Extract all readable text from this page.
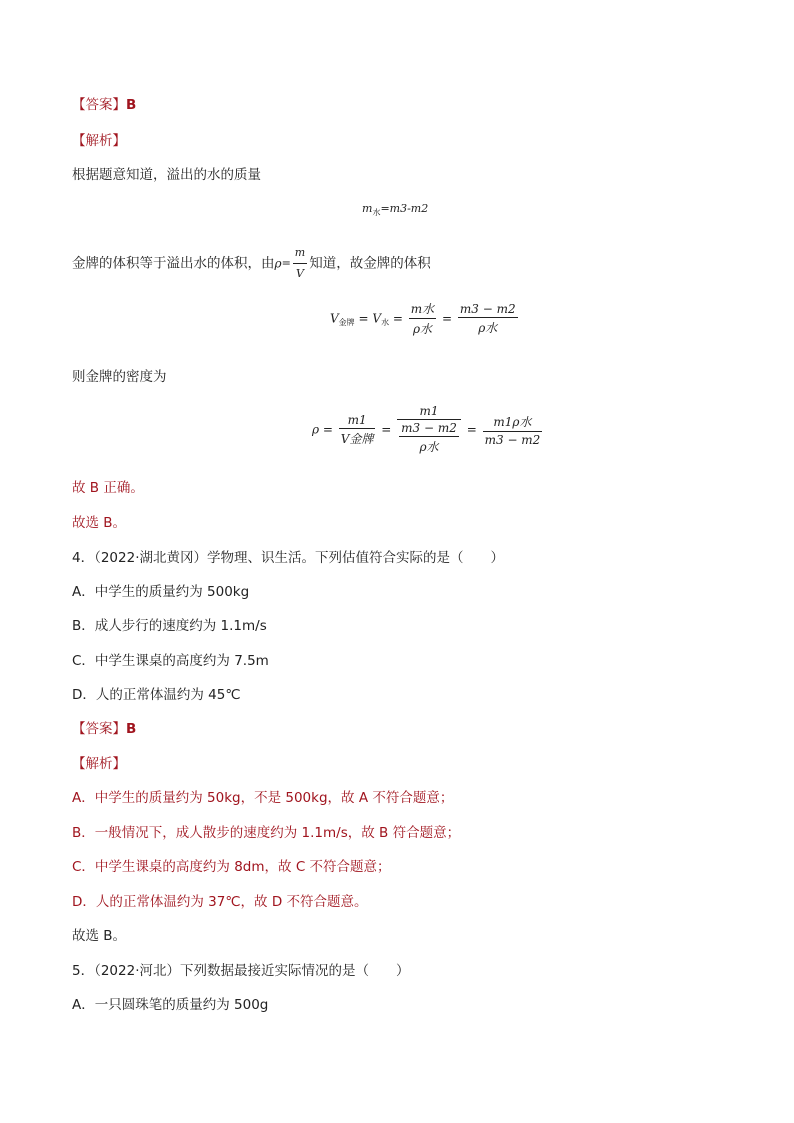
【答案】B
【解析】
根据题意知道，溢出的水的质量
$m_水=m3-m2$
金牌的体积等于溢出水的体积，由$\rho= \frac{m}{V}$ 知道，故金牌的体积
$V_{金牌} = V_水 = \frac{\text{m水}}{\text{ρ水}} = \frac{m3 - m2}{\text{ρ水}}$
则金牌的密度为
$\rho = \frac{m1}{\text{V金牌}} = \frac{m1}{\frac{m3 - m2}{\text{ρ水}}} = \frac{\text{m1ρ水}}{m3 - m2}$
故 B 正确。
故选 B。
4．（2022·湖北黄冈）学物理、识生活。下列估值符合实际的是（　　）
A．中学生的质量约为 500kg
B．成人步行的速度约为 1.1m/s
C．中学生课桌的高度约为 7.5m
D．人的正常体温约为 45℃
【答案】B
【解析】
A．中学生的质量约为 50kg，不是 500kg，故 A 不符合题意；
B．一般情况下，成人散步的速度约为 1.1m/s，故 B 符合题意；
C．中学生课桌的高度约为 8dm，故 C 不符合题意；
D．人的正常体温约为 37℃，故 D 不符合题意。
故选 B。
5．（2022·河北）下列数据最接近实际情况的是（　　）
A．一只圆珠笔的质量约为 500g
